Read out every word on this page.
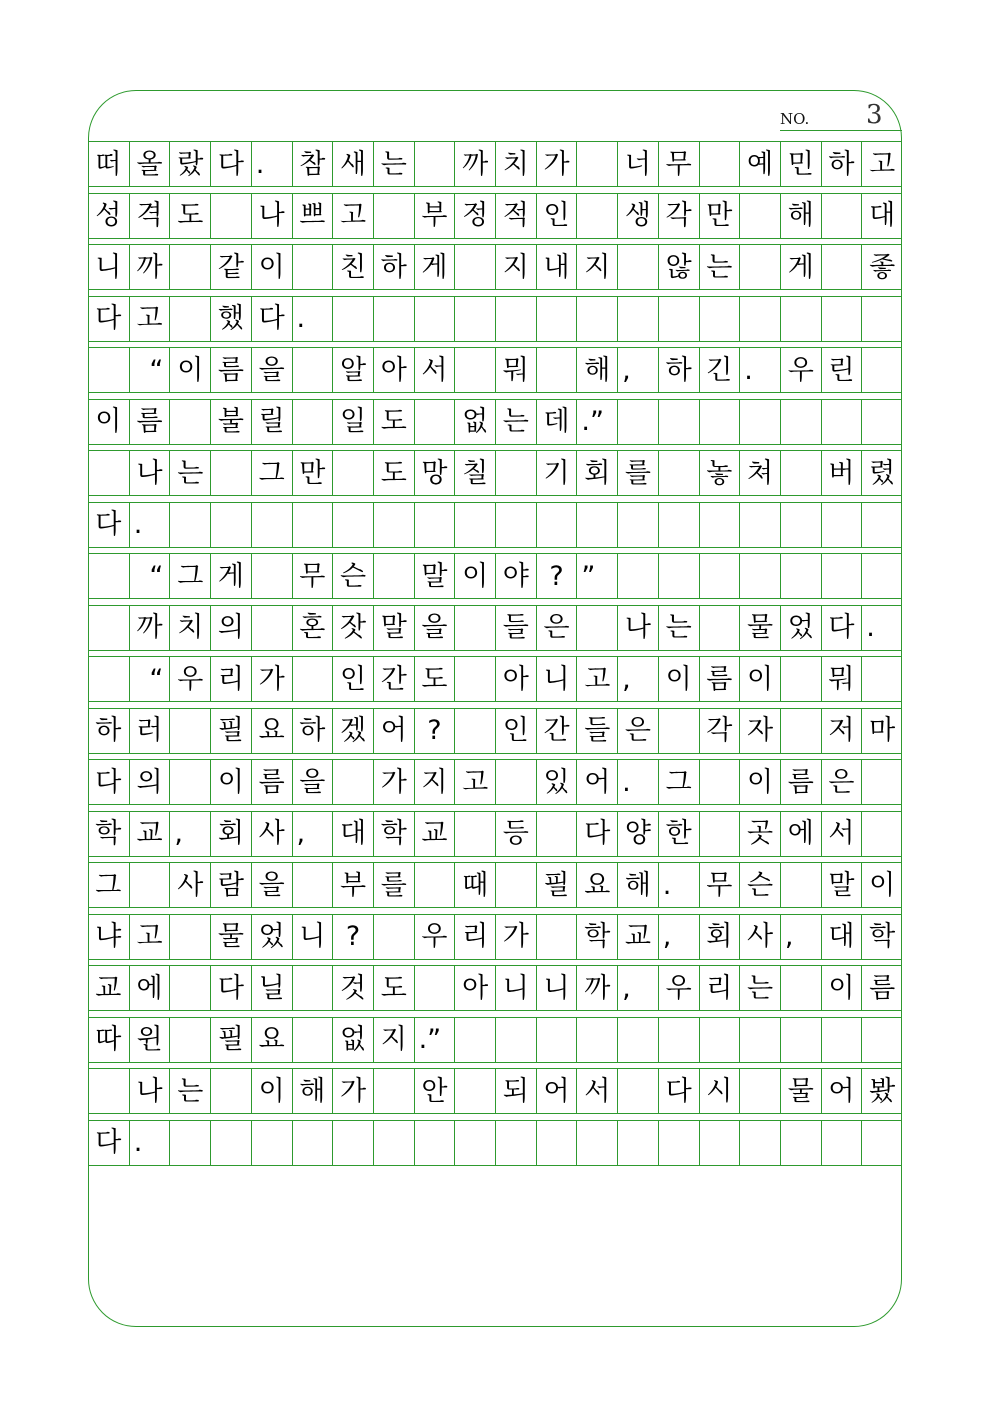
NO. 3
떠 올 랐 다 .	참 새 는 까 치 가 너 무 예 민 하 고
성 격 도 나 쁘 고 부 정 적 인 생 각 만 해 대
니 까 같 이 친 하 게 지 내 지 않 는 게 좋
다 고 했 다 .
“ 이 름 을 알 아 서 뭐 해 ,	하 긴 .	우 린
이 름 불 릴 일 도 없 는 데 .”
나 는 그 만 도 망 칠 기 회 를 놓 쳐 버 렸
다 .
“ 그 게 무 슨 말 이 야 ? ”
까 치 의 혼 잣 말 을 들 은 나 는 물 었 다 .
“ 우 리 가 인 간 도 아 니 고 ,	이 름 이 뭐
하 러 필 요 하 겠 어 ?	인 간 들 은 각 자 저 마
다 의 이 름 을 가 지 고 있 어 .	그 이 름 은
학 교 ,	회 사 ,	대 학 교 등 다 양 한 곳 에 서
그 사 람 을 부 를 때 필 요 해 .	무 슨 말 이
냐 고 물 었 니 ?	우 리 가 학 교 ,	회 사 ,	대 학
교 에 다 닐 것 도 아 니 니 까 ,	우 리 는 이 름
따 윈 필 요 없 지 .”
나 는 이 해 가 안 되 어 서 다 시 물 어 봤
다 .
